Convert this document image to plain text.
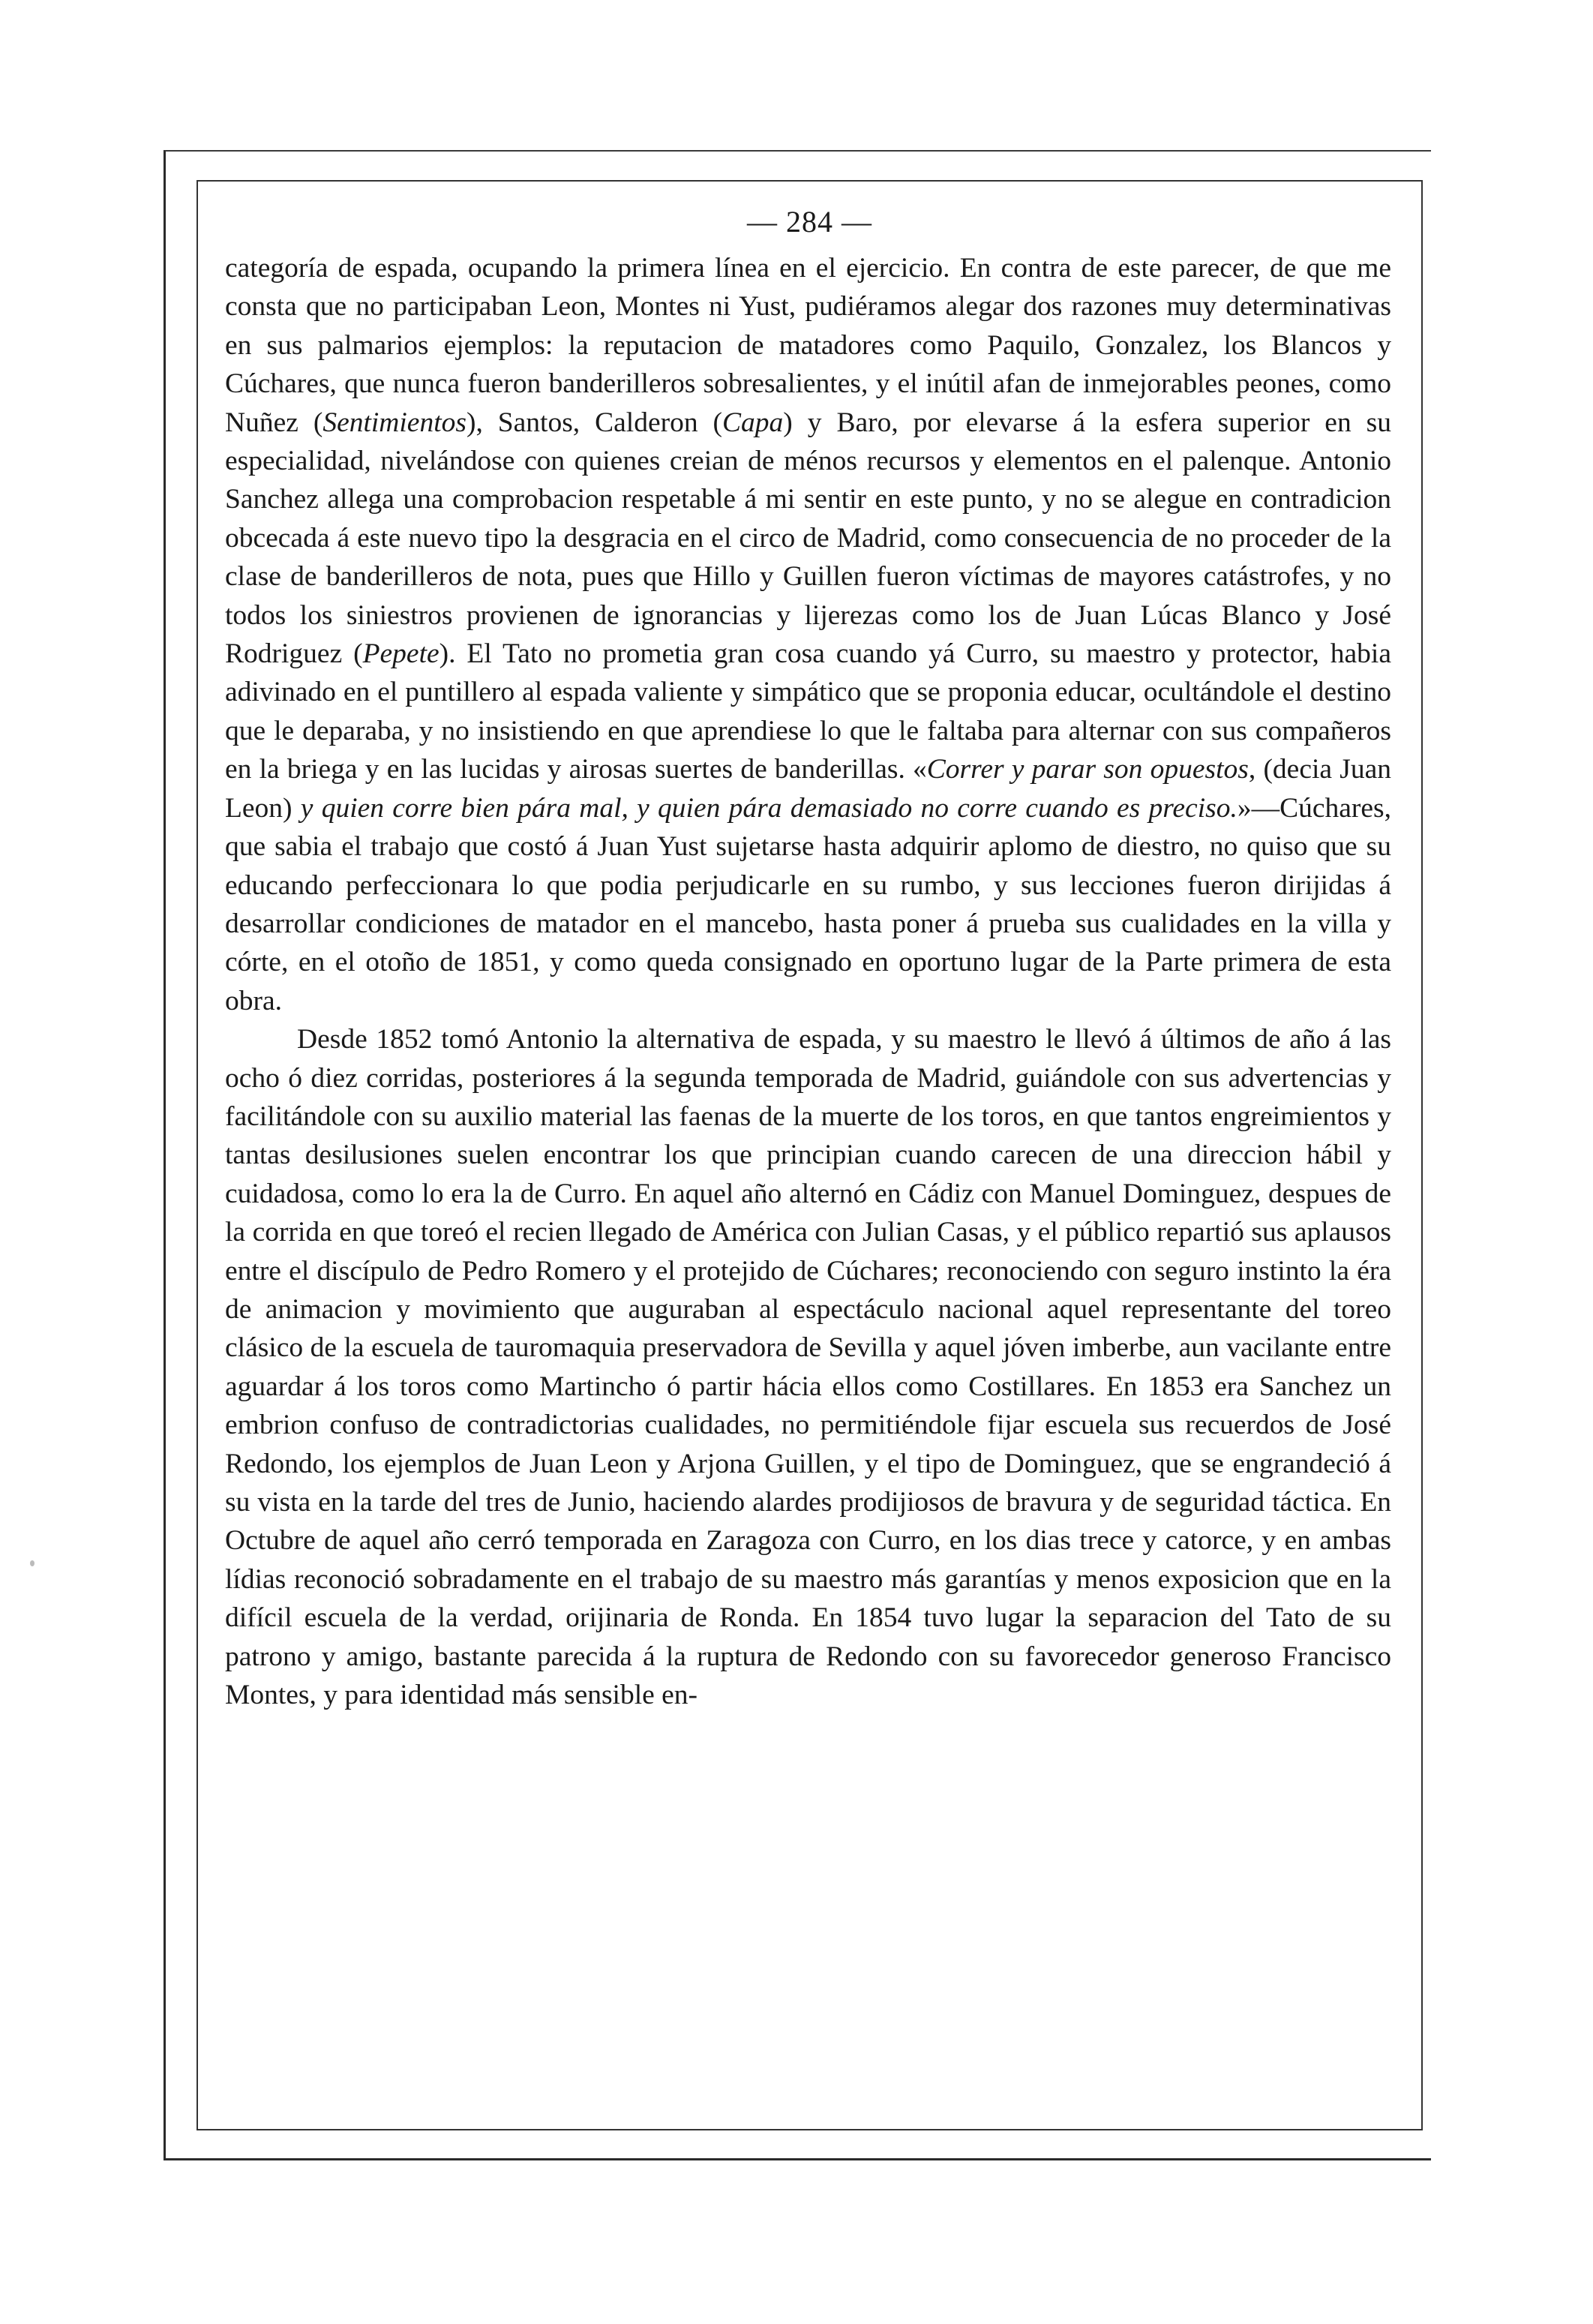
— 284 —

categoría de espada, ocupando la primera línea en el ejercicio. En contra de este parecer, de que me consta que no participaban Leon, Montes ni Yust, pudiéramos alegar dos razones muy determinativas en sus palmarios ejemplos: la reputacion de matadores como Paquilo, Gonzalez, los Blancos y Cúchares, que nunca fueron banderilleros sobresalientes, y el inútil afan de inmejorables peones, como Nuñez (Sentimientos), Santos, Calderon (Capa) y Baro, por elevarse á la esfera superior en su especialidad, nivelándose con quienes creian de ménos recursos y elementos en el palenque. Antonio Sanchez allega una comprobacion respetable á mi sentir en este punto, y no se alegue en contradicion obcecada á este nuevo tipo la desgracia en el circo de Madrid, como consecuencia de no proceder de la clase de banderilleros de nota, pues que Hillo y Guillen fueron víctimas de mayores catástrofes, y no todos los siniestros provienen de ignorancias y lijerezas como los de Juan Lúcas Blanco y José Rodriguez (Pepete). El Tato no prometia gran cosa cuando yá Curro, su maestro y protector, habia adivinado en el puntillero al espada valiente y simpático que se proponia educar, ocultándole el destino que le deparaba, y no insistiendo en que aprendiese lo que le faltaba para alternar con sus compañeros en la briega y en las lucidas y airosas suertes de banderillas. «Correr y parar son opuestos, (decia Juan Leon) y quien corre bien pára mal, y quien pára demasiado no corre cuando es preciso.»—Cúchares, que sabia el trabajo que costó á Juan Yust sujetarse hasta adquirir aplomo de diestro, no quiso que su educando perfeccionara lo que podia perjudicarle en su rumbo, y sus lecciones fueron dirijidas á desarrollar condiciones de matador en el mancebo, hasta poner á prueba sus cualidades en la villa y córte, en el otoño de 1851, y como queda consignado en oportuno lugar de la Parte primera de esta obra.

Desde 1852 tomó Antonio la alternativa de espada, y su maestro le llevó á últimos de año á las ocho ó diez corridas, posteriores á la segunda temporada de Madrid, guiándole con sus advertencias y facilitándole con su auxilio material las faenas de la muerte de los toros, en que tantos engreimientos y tantas desilusiones suelen encontrar los que principian cuando carecen de una direccion hábil y cuidadosa, como lo era la de Curro. En aquel año alternó en Cádiz con Manuel Dominguez, despues de la corrida en que toreó el recien llegado de América con Julian Casas, y el público repartió sus aplausos entre el discípulo de Pedro Romero y el protejido de Cúchares; reconociendo con seguro instinto la éra de animacion y movimiento que auguraban al espectáculo nacional aquel representante del toreo clásico de la escuela de tauromaquia preservadora de Sevilla y aquel jóven imberbe, aun vacilante entre aguardar á los toros como Martincho ó partir hácia ellos como Costillares. En 1853 era Sanchez un embrion confuso de contradictorias cualidades, no permitiéndole fijar escuela sus recuerdos de José Redondo, los ejemplos de Juan Leon y Arjona Guillen, y el tipo de Dominguez, que se engrandeció á su vista en la tarde del tres de Junio, haciendo alardes prodijiosos de bravura y de seguridad táctica. En Octubre de aquel año cerró temporada en Zaragoza con Curro, en los dias trece y catorce, y en ambas lídias reconoció sobradamente en el trabajo de su maestro más garantías y menos exposicion que en la difícil escuela de la verdad, orijinaria de Ronda. En 1854 tuvo lugar la separacion del Tato de su patrono y amigo, bastante parecida á la ruptura de Redondo con su favorecedor generoso Francisco Montes, y para identidad más sensible en-
